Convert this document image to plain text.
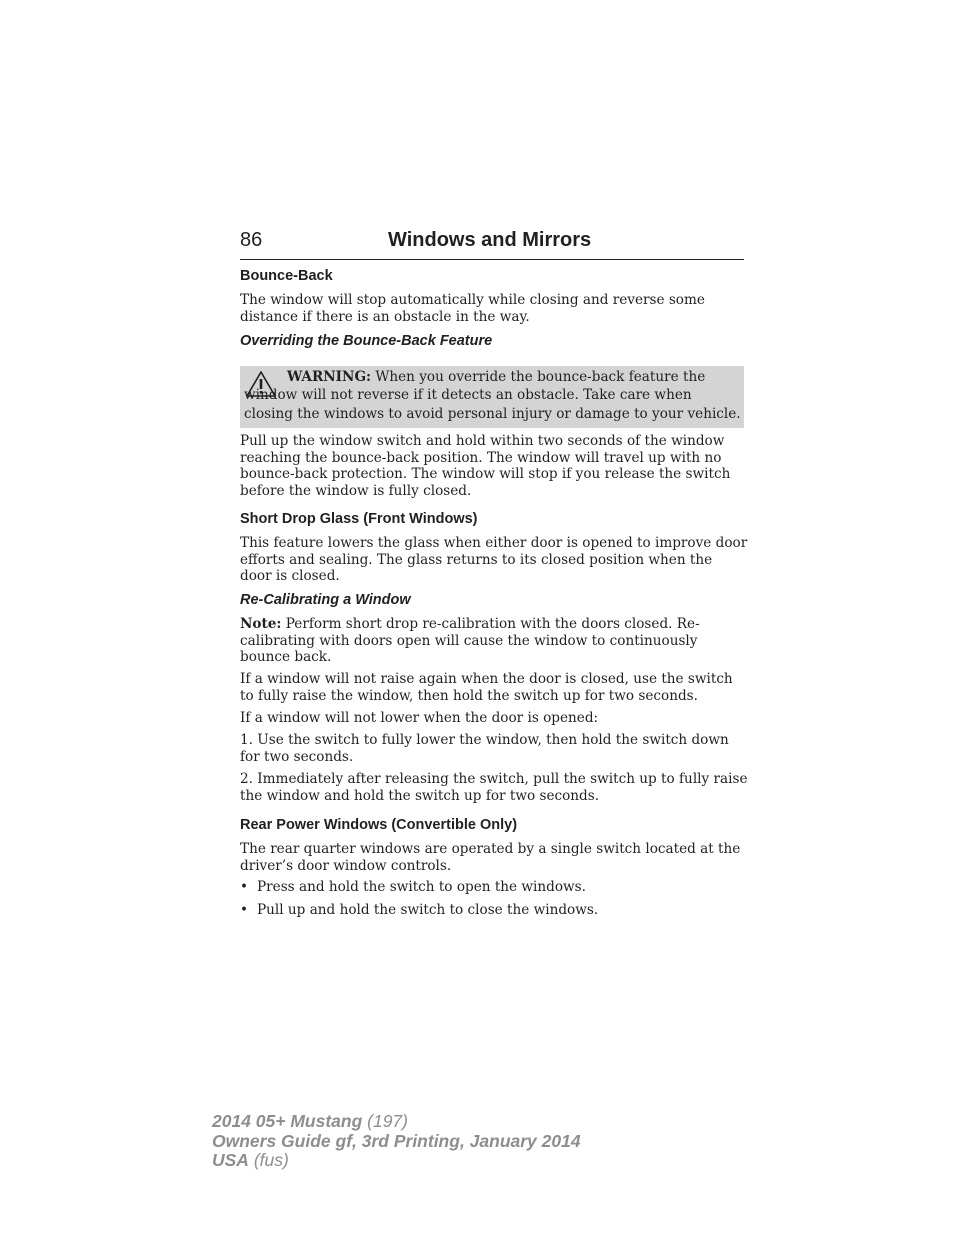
86	Windows and Mirrors
Bounce-Back

The window will stop automatically while closing and reverse some distance if there is an obstacle in the way.

Overriding the Bounce-Back Feature
WARNING: When you override the bounce-back feature the window will not reverse if it detects an obstacle. Take care when closing the windows to avoid personal injury or damage to your vehicle.

Pull up the window switch and hold within two seconds of the window reaching the bounce-back position. The window will travel up with no bounce-back protection. The window will stop if you release the switch before the window is fully closed.

Short Drop Glass (Front Windows)

This feature lowers the glass when either door is opened to improve door efforts and sealing. The glass returns to its closed position when the door is closed.

Re-Calibrating a Window

Note: Perform short drop re-calibration with the doors closed. Re-calibrating with doors open will cause the window to continuously bounce back.

If a window will not raise again when the door is closed, use the switch to fully raise the window, then hold the switch up for two seconds.

If a window will not lower when the door is opened:

1. Use the switch to fully lower the window, then hold the switch down for two seconds.

2. Immediately after releasing the switch, pull the switch up to fully raise the window and hold the switch up for two seconds.

Rear Power Windows (Convertible Only)

The rear quarter windows are operated by a single switch located at the driver’s door window controls.

• Press and hold the switch to open the windows.
• Pull up and hold the switch to close the windows.
2014 05+ Mustang (197)
Owners Guide gf, 3rd Printing, January 2014
USA (fus)
